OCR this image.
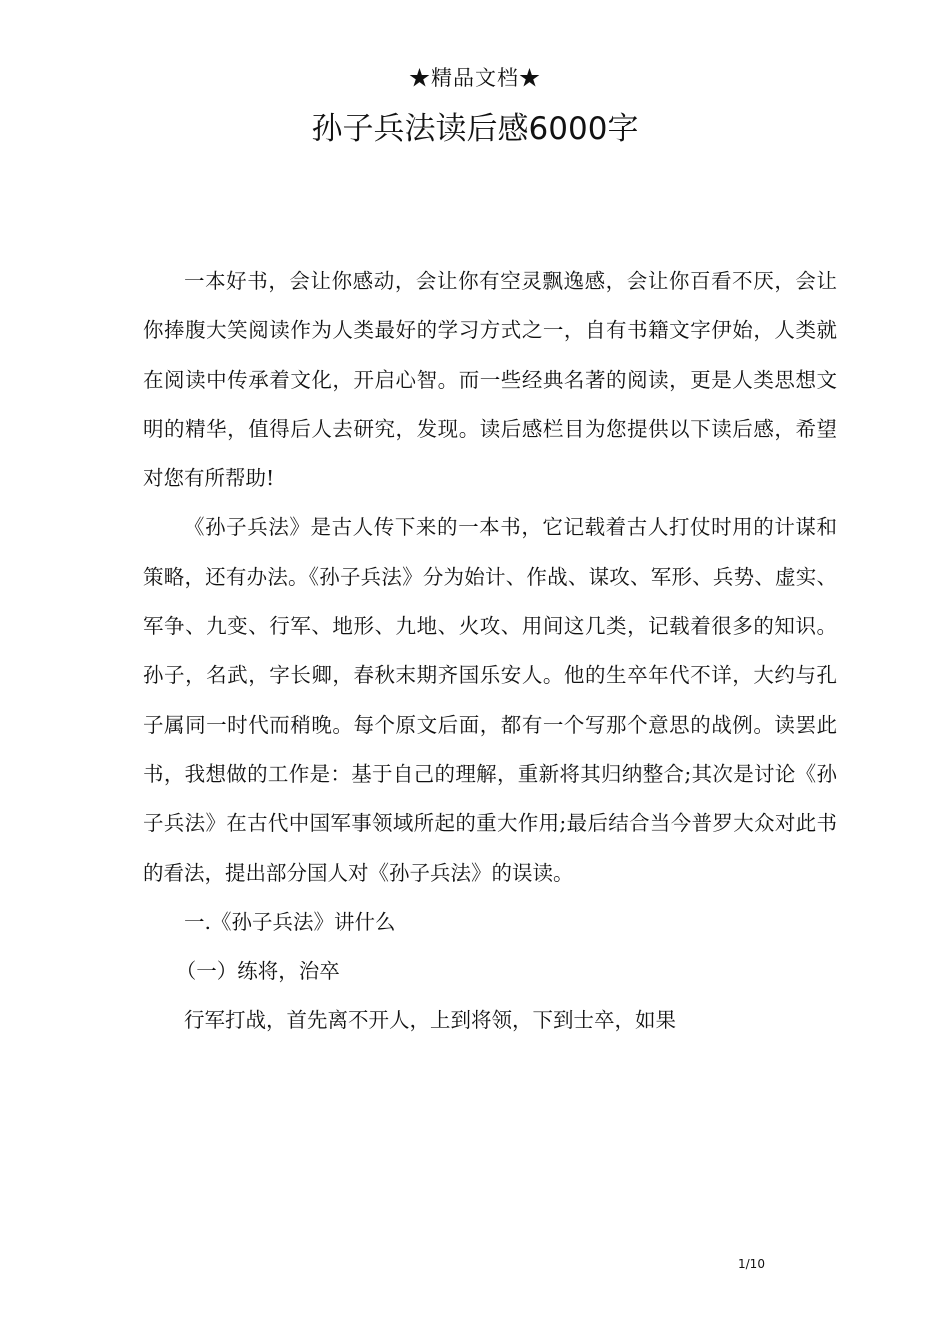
★精品文档★
孙子兵法读后感6000字

一本好书，会让你感动，会让你有空灵飘逸感，会让你百看不厌，会让你捧腹大笑阅读作为人类最好的学习方式之一，自有书籍文字伊始，人类就在阅读中传承着文化，开启心智。而一些经典名著的阅读，更是人类思想文明的精华，值得后人去研究，发现。读后感栏目为您提供以下读后感，希望对您有所帮助!

《孙子兵法》是古人传下来的一本书，它记载着古人打仗时用的计谋和策略，还有办法。《孙子兵法》分为始计、作战、谋攻、军形、兵势、虚实、军争、九变、行军、地形、九地、火攻、用间这几类，记载着很多的知识。孙子，名武，字长卿，春秋末期齐国乐安人。他的生卒年代不详，大约与孔子属同一时代而稍晚。每个原文后面，都有一个写那个意思的战例。读罢此书，我想做的工作是：基于自己的理解，重新将其归纳整合;其次是讨论《孙子兵法》在古代中国军事领域所起的重大作用;最后结合当今普罗大众对此书的看法，提出部分国人对《孙子兵法》的误读。

一.《孙子兵法》讲什么

（一）练将，治卒

行军打战，首先离不开人，上到将领，下到士卒，如果

1/10
